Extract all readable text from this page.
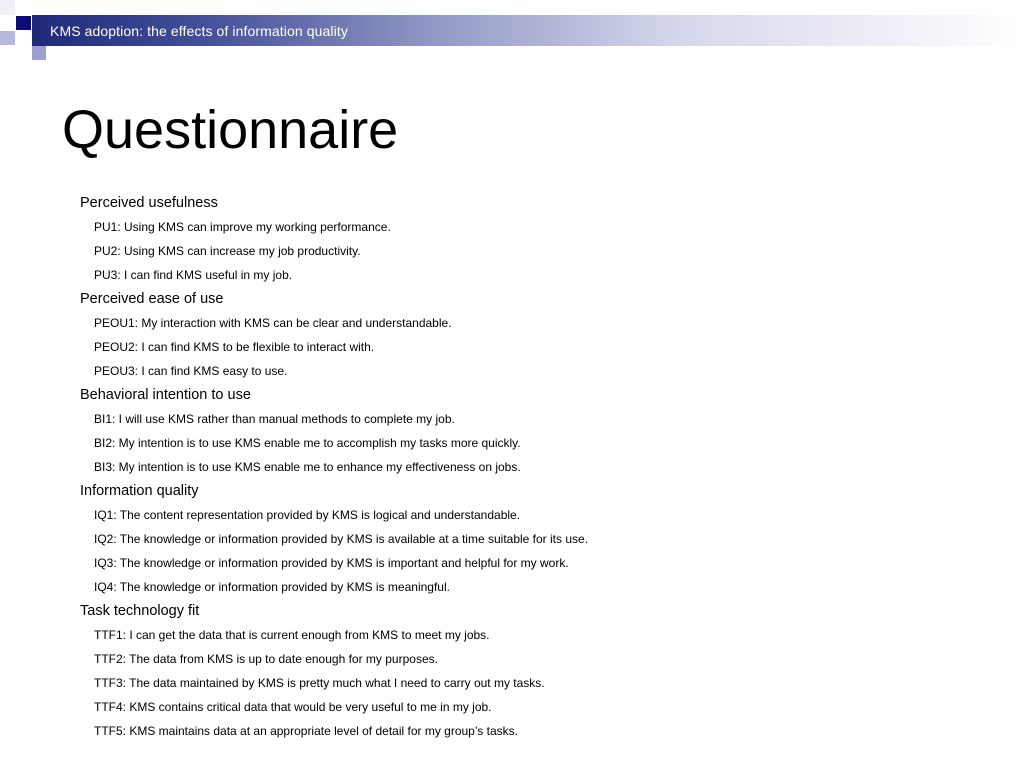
KMS adoption: the effects of information quality
Questionnaire
Perceived usefulness
PU1: Using KMS can improve my working performance.
PU2: Using KMS can increase my job productivity.
PU3: I can find KMS useful in my job.
Perceived ease of use
PEOU1: My interaction with KMS can be clear and understandable.
PEOU2: I can find KMS to be flexible to interact with.
PEOU3: I can find KMS easy to use.
Behavioral intention to use
BI1: I will use KMS rather than manual methods to complete my job.
BI2: My intention is to use KMS enable me to accomplish my tasks more quickly.
BI3: My intention is to use KMS enable me to enhance my effectiveness on jobs.
Information quality
IQ1: The content representation provided by KMS is logical and understandable.
IQ2: The knowledge or information provided by KMS is available at a time suitable for its use.
IQ3: The knowledge or information provided by KMS is important and helpful for my work.
IQ4: The knowledge or information provided by KMS is meaningful.
Task technology fit
TTF1: I can get the data that is current enough from KMS to meet my jobs.
TTF2: The data from KMS is up to date enough for my purposes.
TTF3: The data maintained by KMS is pretty much what I need to carry out my tasks.
TTF4: KMS contains critical data that would be very useful to me in my job.
TTF5: KMS maintains data at an appropriate level of detail for my group’s tasks.
